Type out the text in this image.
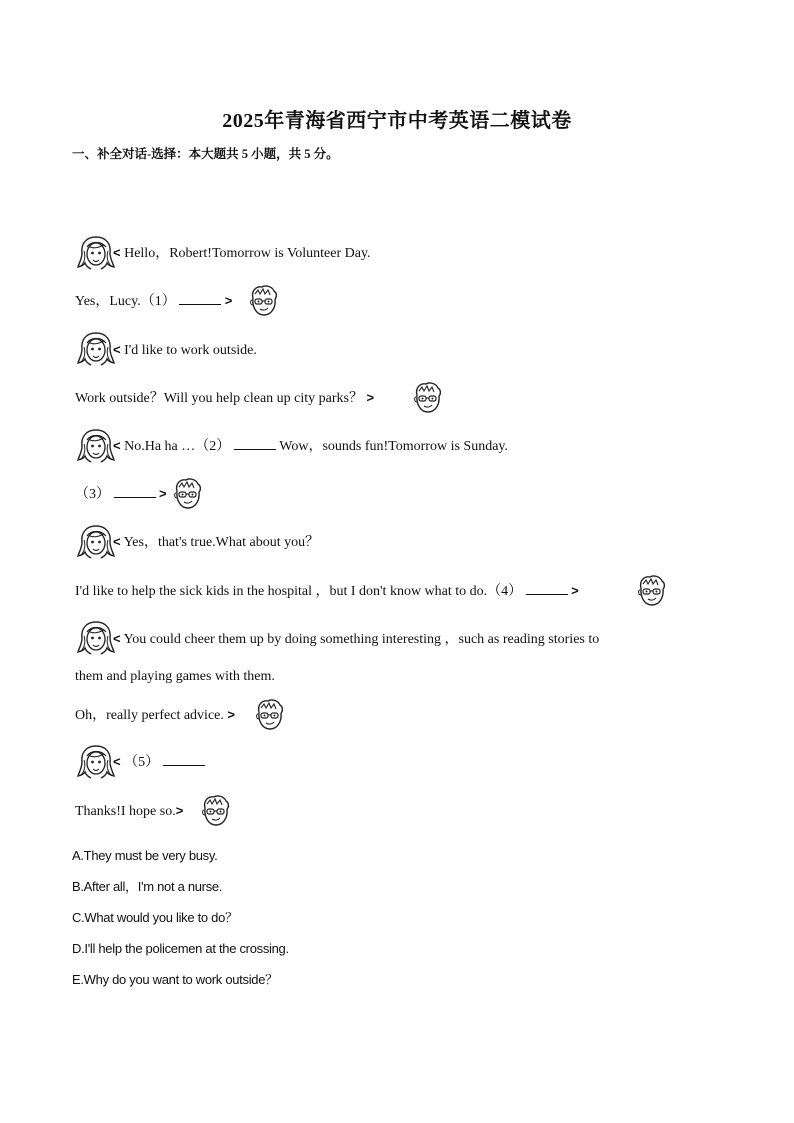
2025年青海省西宁市中考英语二模试卷
一、补全对话-选择：本大题共 5 小题，共 5 分。
< Hello，Robert!Tomorrow is Volunteer Day.
Yes，Lucy.（1）	>
< I'd like to work outside.
Work outside？Will you help clean up city parks？ >
< No.Ha ha …（2）	Wow，sounds fun!Tomorrow is Sunday.
（3）	>
< Yes，that's true.What about you？
I'd like to help the sick kids in the hospital ，but I don't know what to do.（4）	>
< You could cheer them up by doing something interesting ，such as reading stories to
them and playing games with them.
Oh，really perfect advice. >
< （5）
Thanks!I hope so.>
A.They must be very busy.
B.After all，I'm not a nurse.
C.What would you like to do？
D.I'll help the policemen at the crossing.
E.Why do you want to work outside？
